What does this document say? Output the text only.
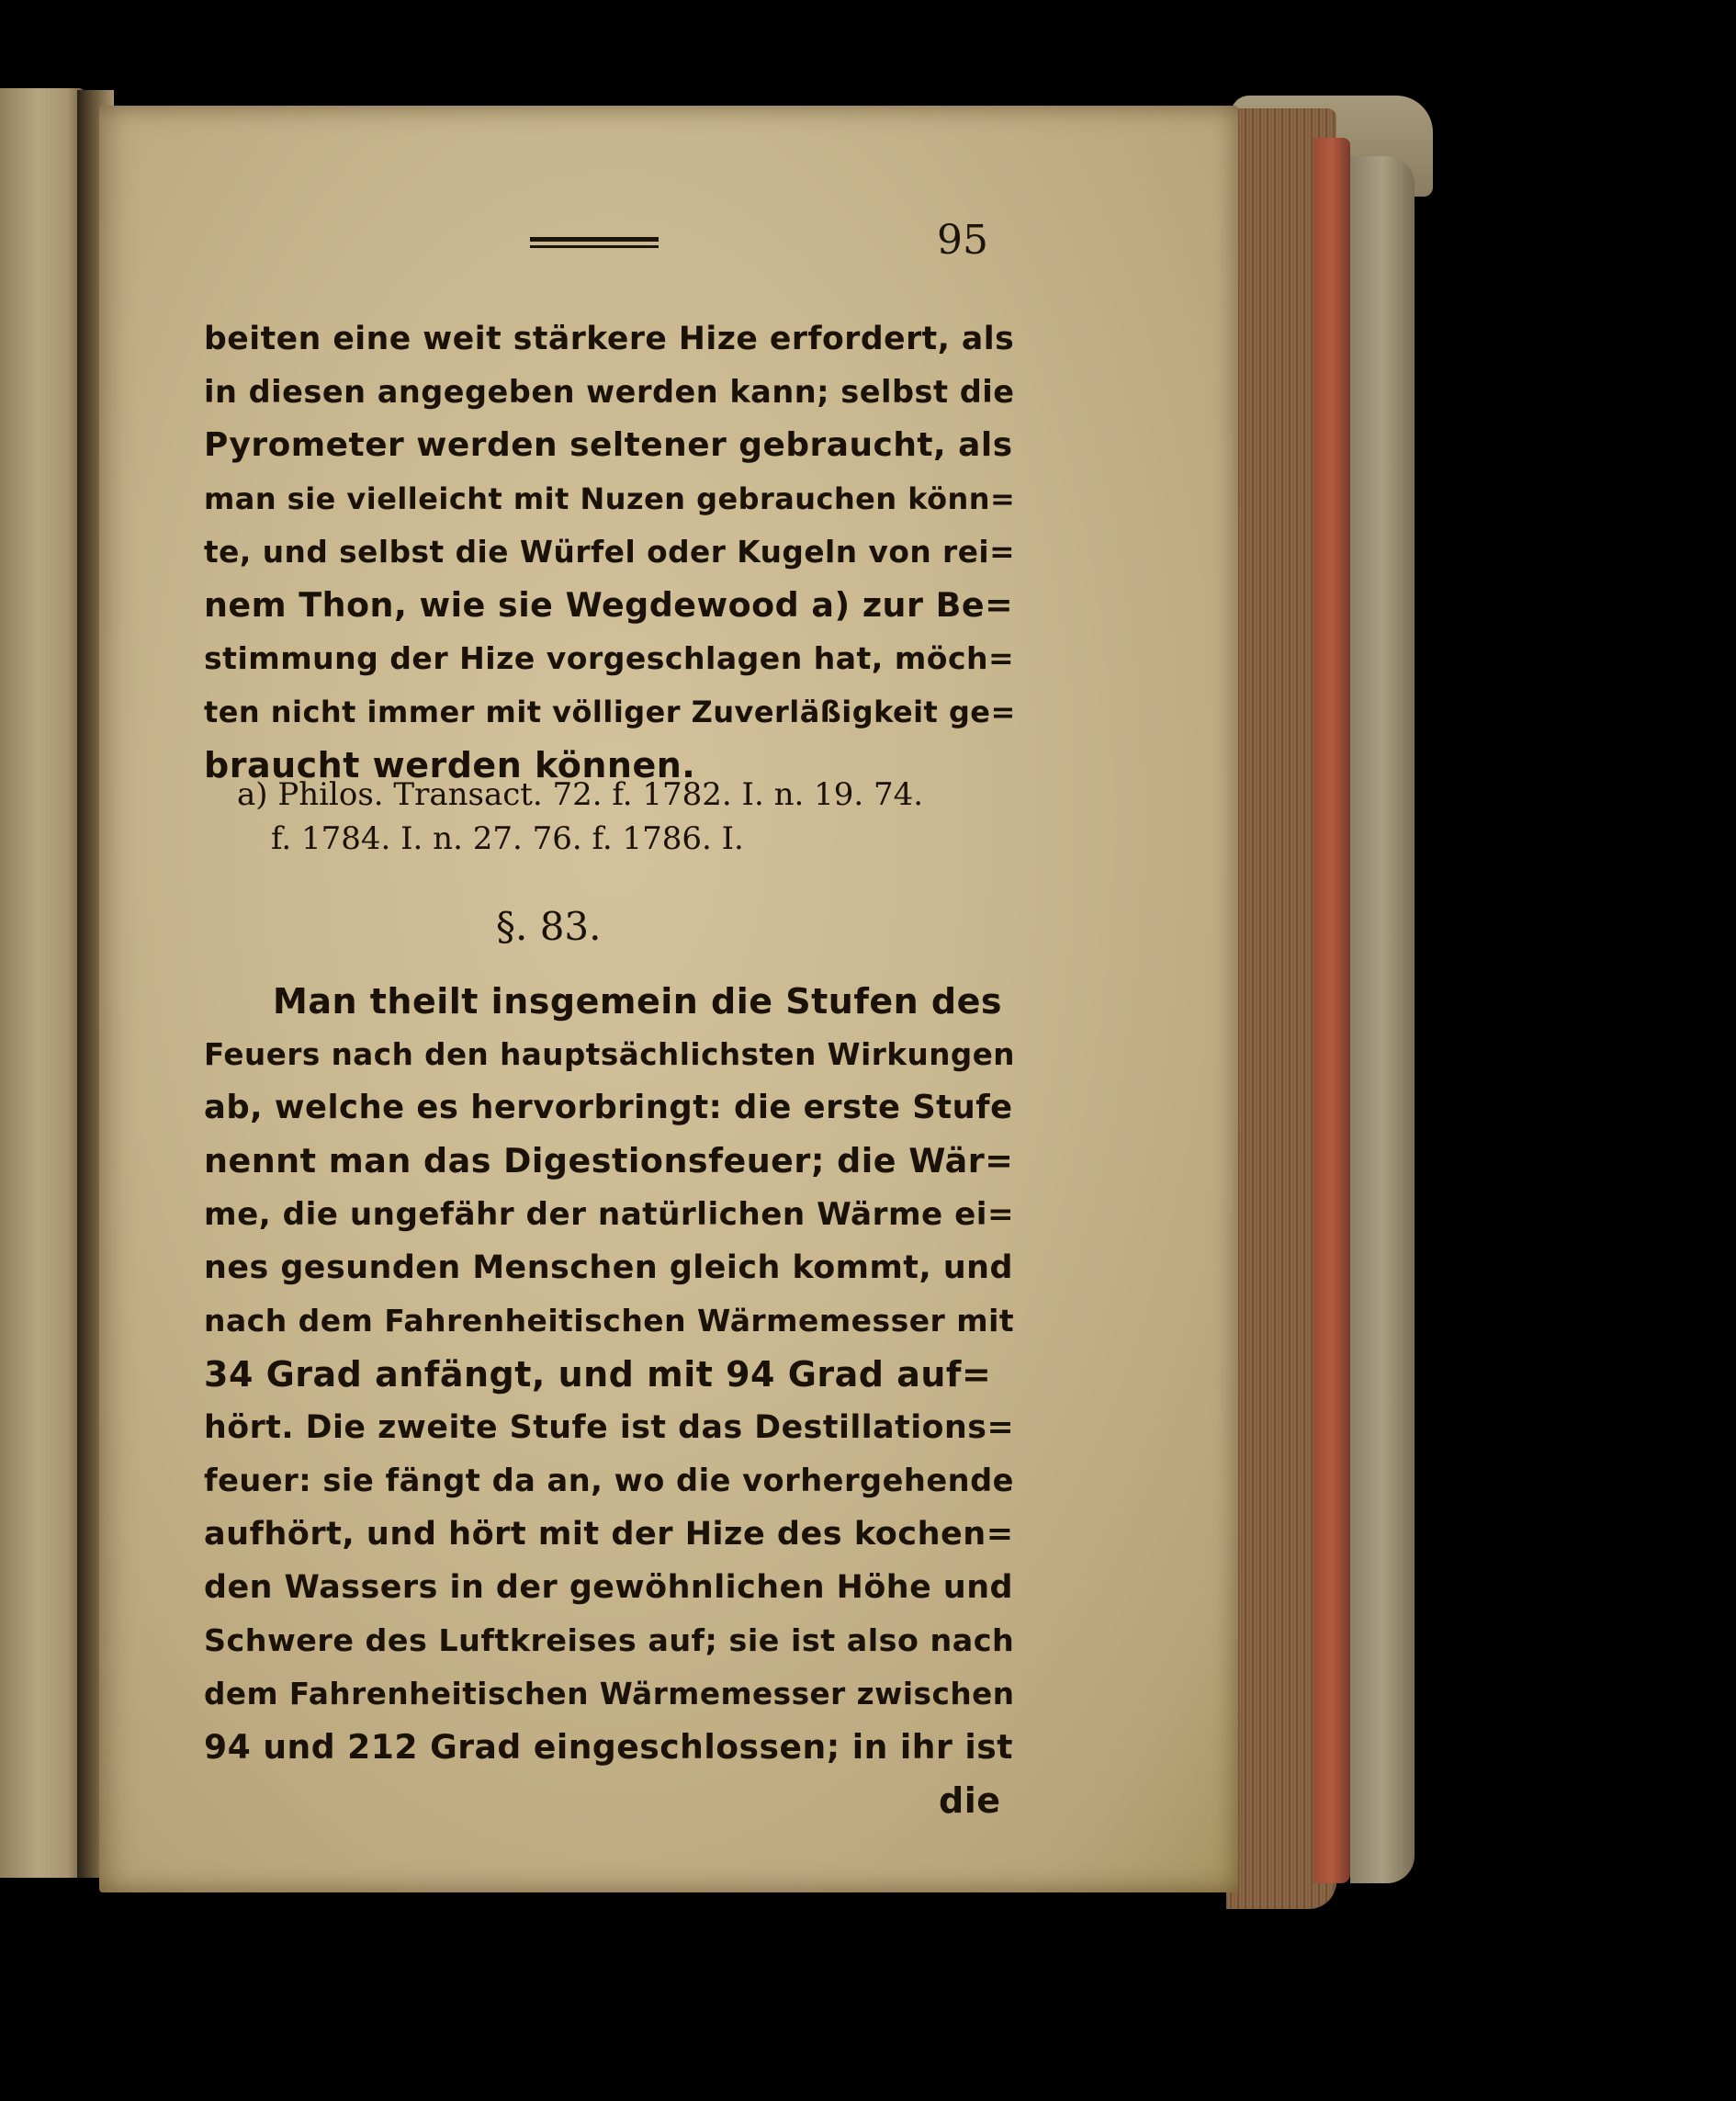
95
beiten eine weit stärkere Hize erfordert, als
in diesen angegeben werden kann; selbst die
Pyrometer werden seltener gebraucht, als
man sie vielleicht mit Nuzen gebrauchen könn=
te, und selbst die Würfel oder Kugeln von rei=
nem Thon, wie sie Wegdewood a) zur Be=
stimmung der Hize vorgeschlagen hat, möch=
ten nicht immer mit völliger Zuverläßigkeit ge=
braucht werden können.
a) Philos. Transact. 72. f. 1782. I. n. 19. 74.
f. 1784. I. n. 27. 76. f. 1786. I.
§. 83.
Man theilt insgemein die Stufen des
Feuers nach den hauptsächlichsten Wirkungen
ab, welche es hervorbringt: die erste Stufe
nennt man das Digestionsfeuer; die Wär=
me, die ungefähr der natürlichen Wärme ei=
nes gesunden Menschen gleich kommt, und
nach dem Fahrenheitischen Wärmemesser mit
34 Grad anfängt, und mit 94 Grad auf=
hört. Die zweite Stufe ist das Destillations=
feuer: sie fängt da an, wo die vorhergehende
aufhört, und hört mit der Hize des kochen=
den Wassers in der gewöhnlichen Höhe und
Schwere des Luftkreises auf; sie ist also nach
dem Fahrenheitischen Wärmemesser zwischen
94 und 212 Grad eingeschlossen; in ihr ist
die
